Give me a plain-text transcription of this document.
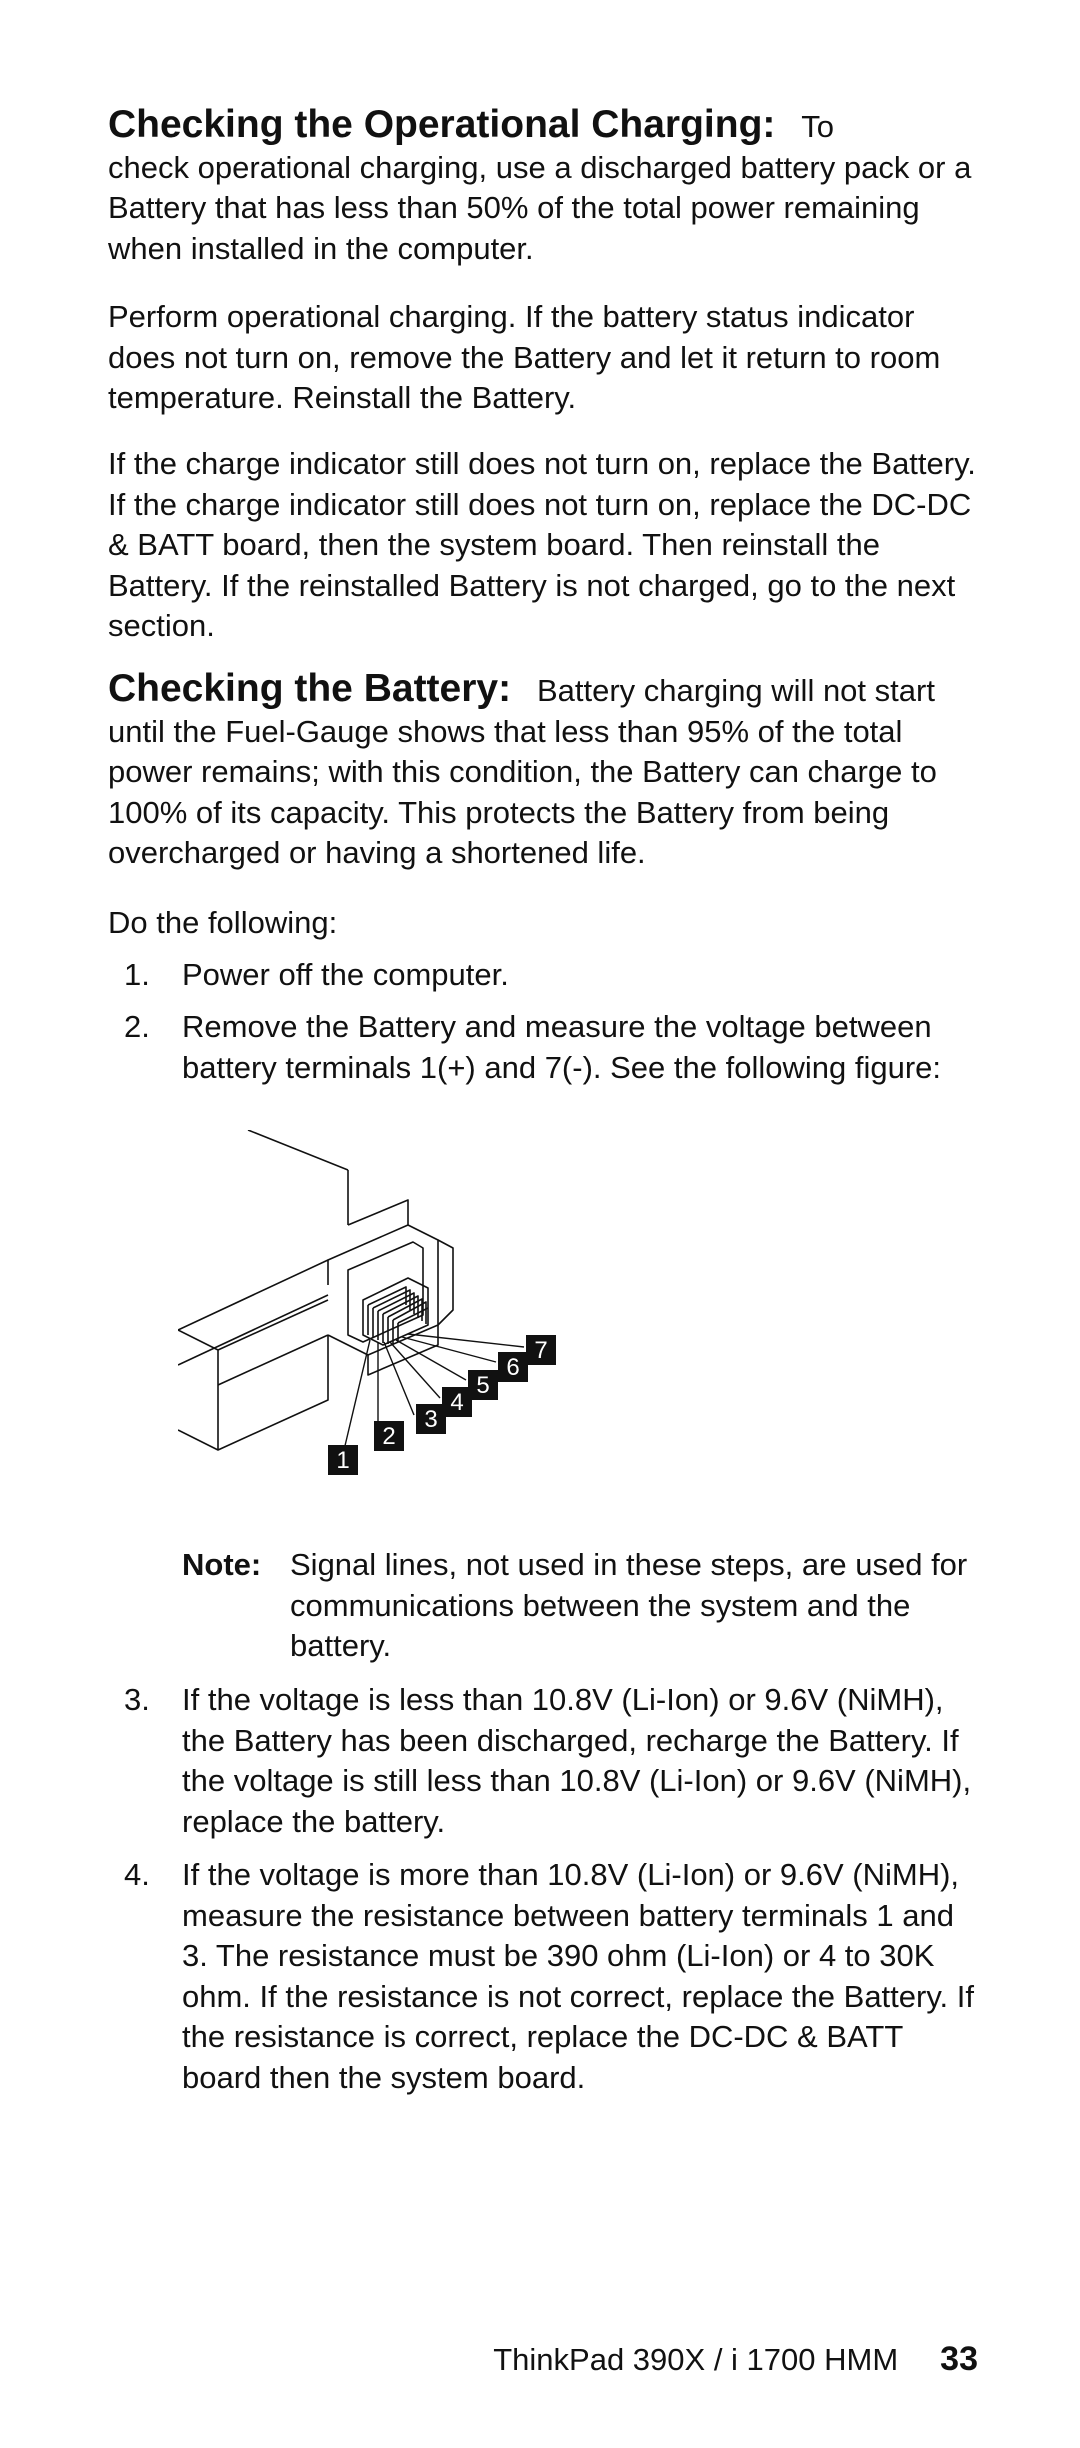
Checking the Operational Charging: To
check operational charging, use a discharged battery pack or a Battery that has less than 50% of the total power remaining when installed in the computer.

Perform operational charging. If the battery status indicator does not turn on, remove the Battery and let it return to room temperature. Reinstall the Battery.

If the charge indicator still does not turn on, replace the Battery. If the charge indicator still does not turn on, replace the DC-DC & BATT board, then the system board. Then reinstall the Battery. If the reinstalled Battery is not charged, go to the next section.

Checking the Battery: Battery charging will not start until the Fuel-Gauge shows that less than 95% of the total power remains; with this condition, the Battery can charge to 100% of its capacity. This protects the Battery from being overcharged or having a shortened life.

Do the following:

1.	Power off the computer.
2.	Remove the Battery and measure the voltage between battery terminals 1(+) and 7(-). See the following figure:
1
2
3
4
5
6
7
Note: Signal lines, not used in these steps, are used for communications between the system and the battery.
3.	If the voltage is less than 10.8V (Li-Ion) or 9.6V (NiMH), the Battery has been discharged, recharge the Battery. If the voltage is still less than 10.8V (Li-Ion) or 9.6V (NiMH), replace the battery.
4.	If the voltage is more than 10.8V (Li-Ion) or 9.6V (NiMH), measure the resistance between battery terminals 1 and 3. The resistance must be 390 ohm (Li-Ion) or 4 to 30K ohm. If the resistance is not correct, replace the Battery. If the resistance is correct, replace the DC-DC & BATT board then the system board.
ThinkPad 390X / i 1700 HMM 33
